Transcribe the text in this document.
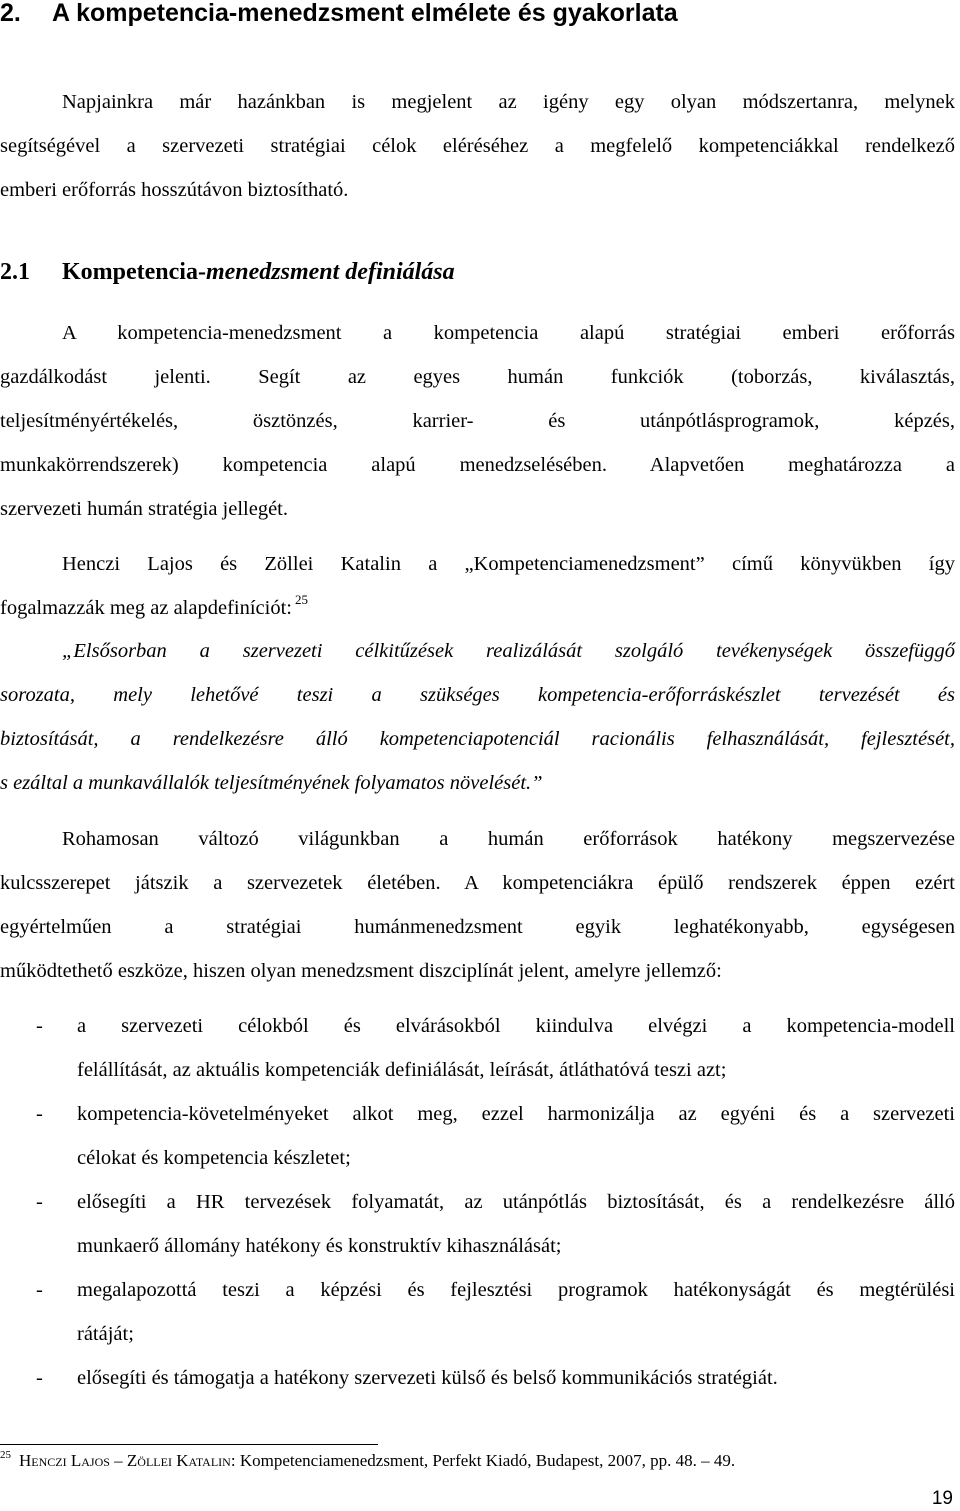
2. A kompetencia-menedzsment elmélete és gyakorlata
Napjainkra már hazánkban is megjelent az igény egy olyan módszertanra, melynek
segítségével a szervezeti stratégiai célok eléréséhez a megfelelő kompetenciákkal rendelkező
emberi erőforrás hosszútávon biztosítható.
2.1 Kompetencia-menedzsment definiálása
A kompetencia-menedzsment a kompetencia alapú stratégiai emberi erőforrás
gazdálkodást jelenti. Segít az egyes humán funkciók (toborzás, kiválasztás,
teljesítményértékelés, ösztönzés, karrier- és utánpótlásprogramok, képzés,
munkakörrendszerek) kompetencia alapú menedzselésében. Alapvetően meghatározza a
szervezeti humán stratégia jellegét.
Henczi Lajos és Zöllei Katalin a „Kompetenciamenedzsment” című könyvükben így
fogalmazzák meg az alapdefiníciót: $^{25}$
„Elsősorban a szervezeti célkitűzések realizálását szolgáló tevékenységek összefüggő
sorozata, mely lehetővé teszi a szükséges kompetencia-erőforráskészlet tervezését és
biztosítását, a rendelkezésre álló kompetenciapotenciál racionális felhasználását, fejlesztését,
s ezáltal a munkavállalók teljesítményének folyamatos növelését.”
Rohamosan változó világunkban a humán erőforrások hatékony megszervezése
kulcsszerepet játszik a szervezetek életében. A kompetenciákra épülő rendszerek éppen ezért
egyértelműen a stratégiai humánmenedzsment egyik leghatékonyabb, egységesen
működtethető eszköze, hiszen olyan menedzsment diszciplínát jelent, amelyre jellemző:
- a szervezeti célokból és elvárásokból kiindulva elvégzi a kompetencia-modell
felállítását, az aktuális kompetenciák definiálását, leírását, átláthatóvá teszi azt;
- kompetencia-követelményeket alkot meg, ezzel harmonizálja az egyéni és a szervezeti
célokat és kompetencia készletet;
- elősegíti a HR tervezések folyamatát, az utánpótlás biztosítását, és a rendelkezésre álló
munkaerő állomány hatékony és konstruktív kihasználását;
- megalapozottá teszi a képzési és fejlesztési programok hatékonyságát és megtérülési
rátáját;
- elősegíti és támogatja a hatékony szervezeti külső és belső kommunikációs stratégiát.
$^{25}$ Henczi Lajos – Zöllei Katalin: Kompetenciamenedzsment, Perfekt Kiadó, Budapest, 2007, pp. 48. – 49.
19
